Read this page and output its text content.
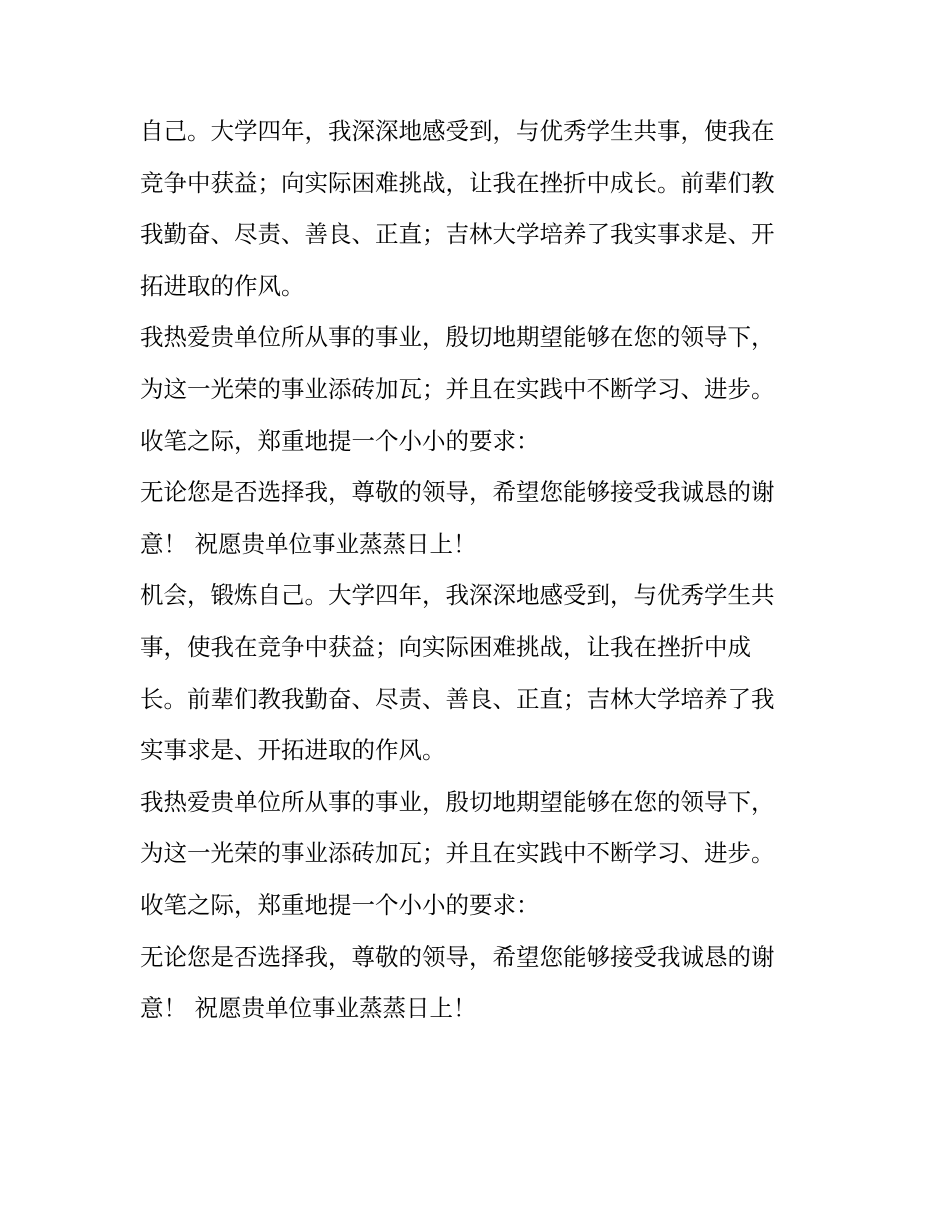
自己。大学四年，我深深地感受到，与优秀学生共事，使我在

竞争中获益；向实际困难挑战，让我在挫折中成长。前辈们教

我勤奋、尽责、善良、正直；吉林大学培养了我实事求是、开

拓进取的作风。

我热爱贵单位所从事的事业，殷切地期望能够在您的领导下，

为这一光荣的事业添砖加瓦；并且在实践中不断学习、进步。

收笔之际，郑重地提一个小小的要求：

无论您是否选择我，尊敬的领导，希望您能够接受我诚恳的谢

意！ 祝愿贵单位事业蒸蒸日上！

机会，锻炼自己。大学四年，我深深地感受到，与优秀学生共

事，使我在竞争中获益；向实际困难挑战，让我在挫折中成

长。前辈们教我勤奋、尽责、善良、正直；吉林大学培养了我

实事求是、开拓进取的作风。

我热爱贵单位所从事的事业，殷切地期望能够在您的领导下，

为这一光荣的事业添砖加瓦；并且在实践中不断学习、进步。

收笔之际，郑重地提一个小小的要求：

无论您是否选择我，尊敬的领导，希望您能够接受我诚恳的谢

意！ 祝愿贵单位事业蒸蒸日上！
